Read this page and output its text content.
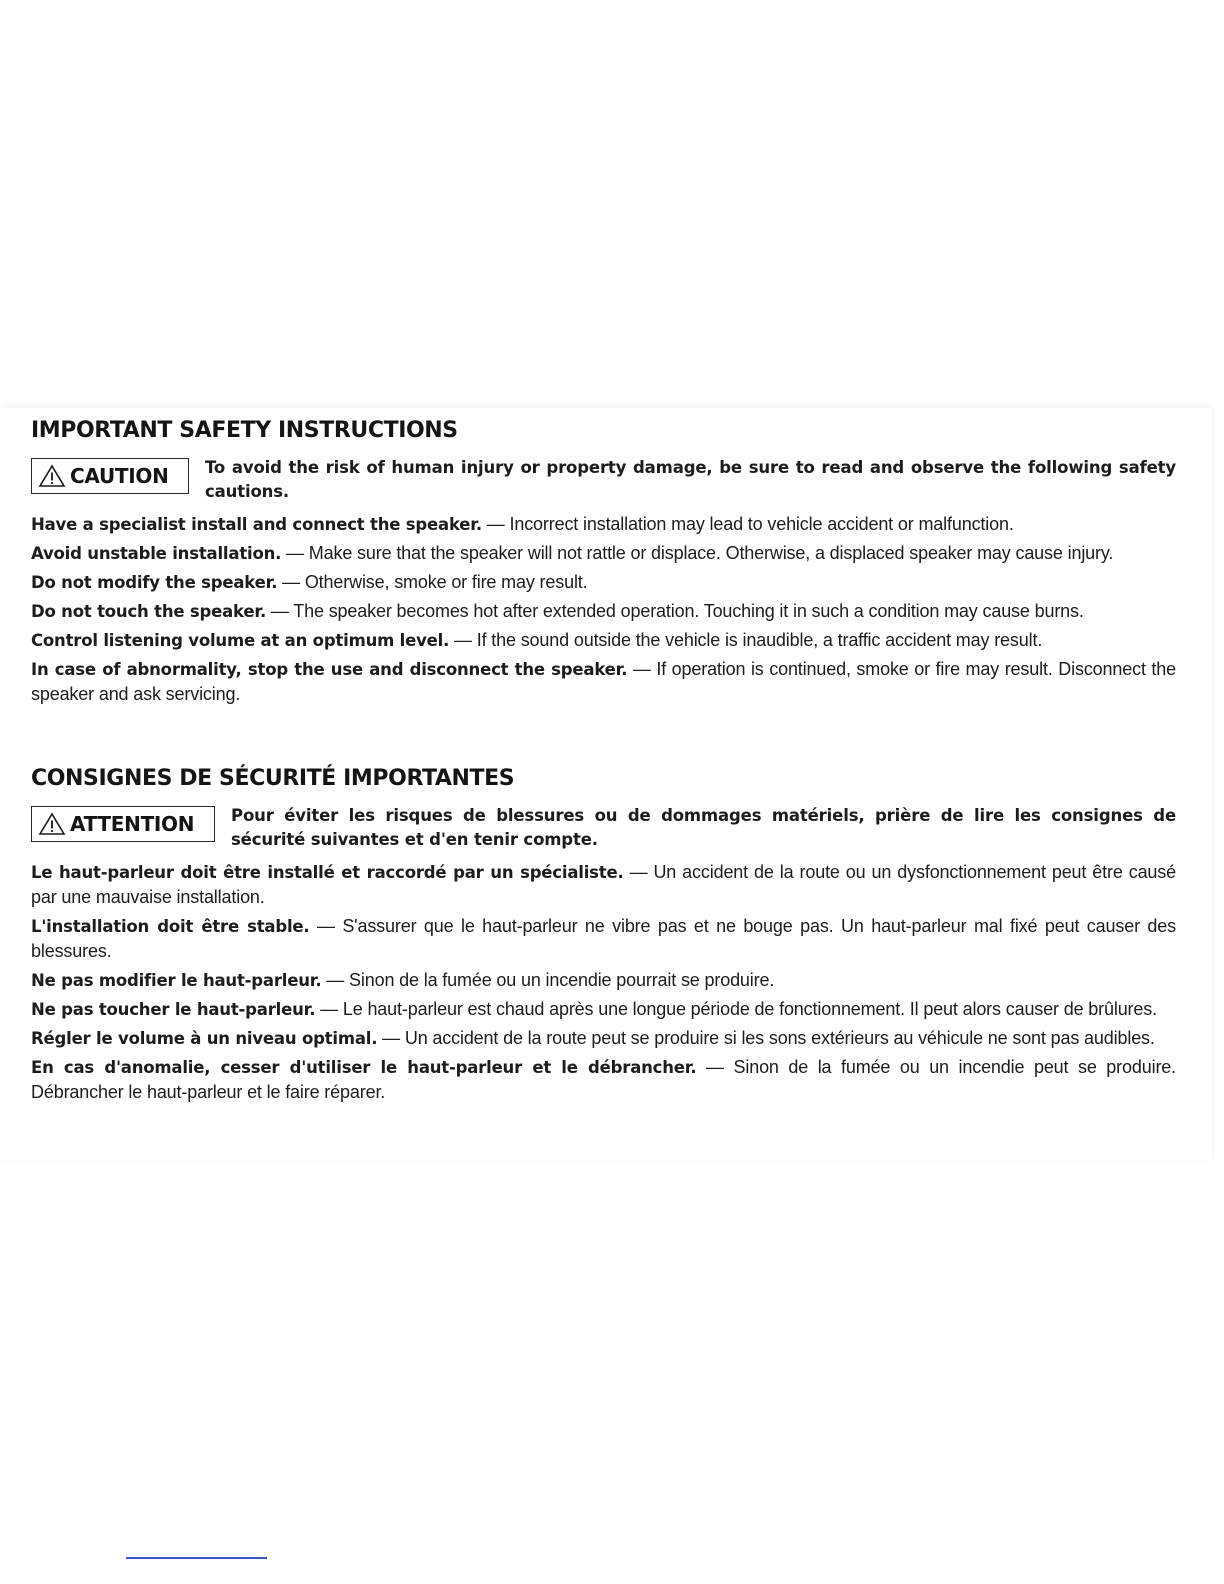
IMPORTANT SAFETY INSTRUCTIONS
CAUTION To avoid the risk of human injury or property damage, be sure to read and observe the following safety cautions.

Have a specialist install and connect the speaker. — Incorrect installation may lead to vehicle accident or malfunction.

Avoid unstable installation. — Make sure that the speaker will not rattle or displace. Otherwise, a displaced speaker may cause injury.

Do not modify the speaker. — Otherwise, smoke or fire may result.

Do not touch the speaker. — The speaker becomes hot after extended operation. Touching it in such a condition may cause burns.

Control listening volume at an optimum level. — If the sound outside the vehicle is inaudible, a traffic accident may result.

In case of abnormality, stop the use and disconnect the speaker. — If operation is continued, smoke or fire may result. Disconnect the speaker and ask servicing.

CONSIGNES DE SÉCURITÉ IMPORTANTES
ATTENTION Pour éviter les risques de blessures ou de dommages matériels, prière de lire les consignes de sécurité suivantes et d'en tenir compte.

Le haut-parleur doit être installé et raccordé par un spécialiste. — Un accident de la route ou un dysfonctionnement peut être causé par une mauvaise installation.

L'installation doit être stable. — S'assurer que le haut-parleur ne vibre pas et ne bouge pas. Un haut-parleur mal fixé peut causer des blessures.

Ne pas modifier le haut-parleur. — Sinon de la fumée ou un incendie pourrait se produire.

Ne pas toucher le haut-parleur. — Le haut-parleur est chaud après une longue période de fonctionnement. Il peut alors causer de brûlures.

Régler le volume à un niveau optimal. — Un accident de la route peut se produire si les sons extérieurs au véhicule ne sont pas audibles.

En cas d'anomalie, cesser d'utiliser le haut-parleur et le débrancher. — Sinon de la fumée ou un incendie peut se produire. Débrancher le haut-parleur et le faire réparer.
